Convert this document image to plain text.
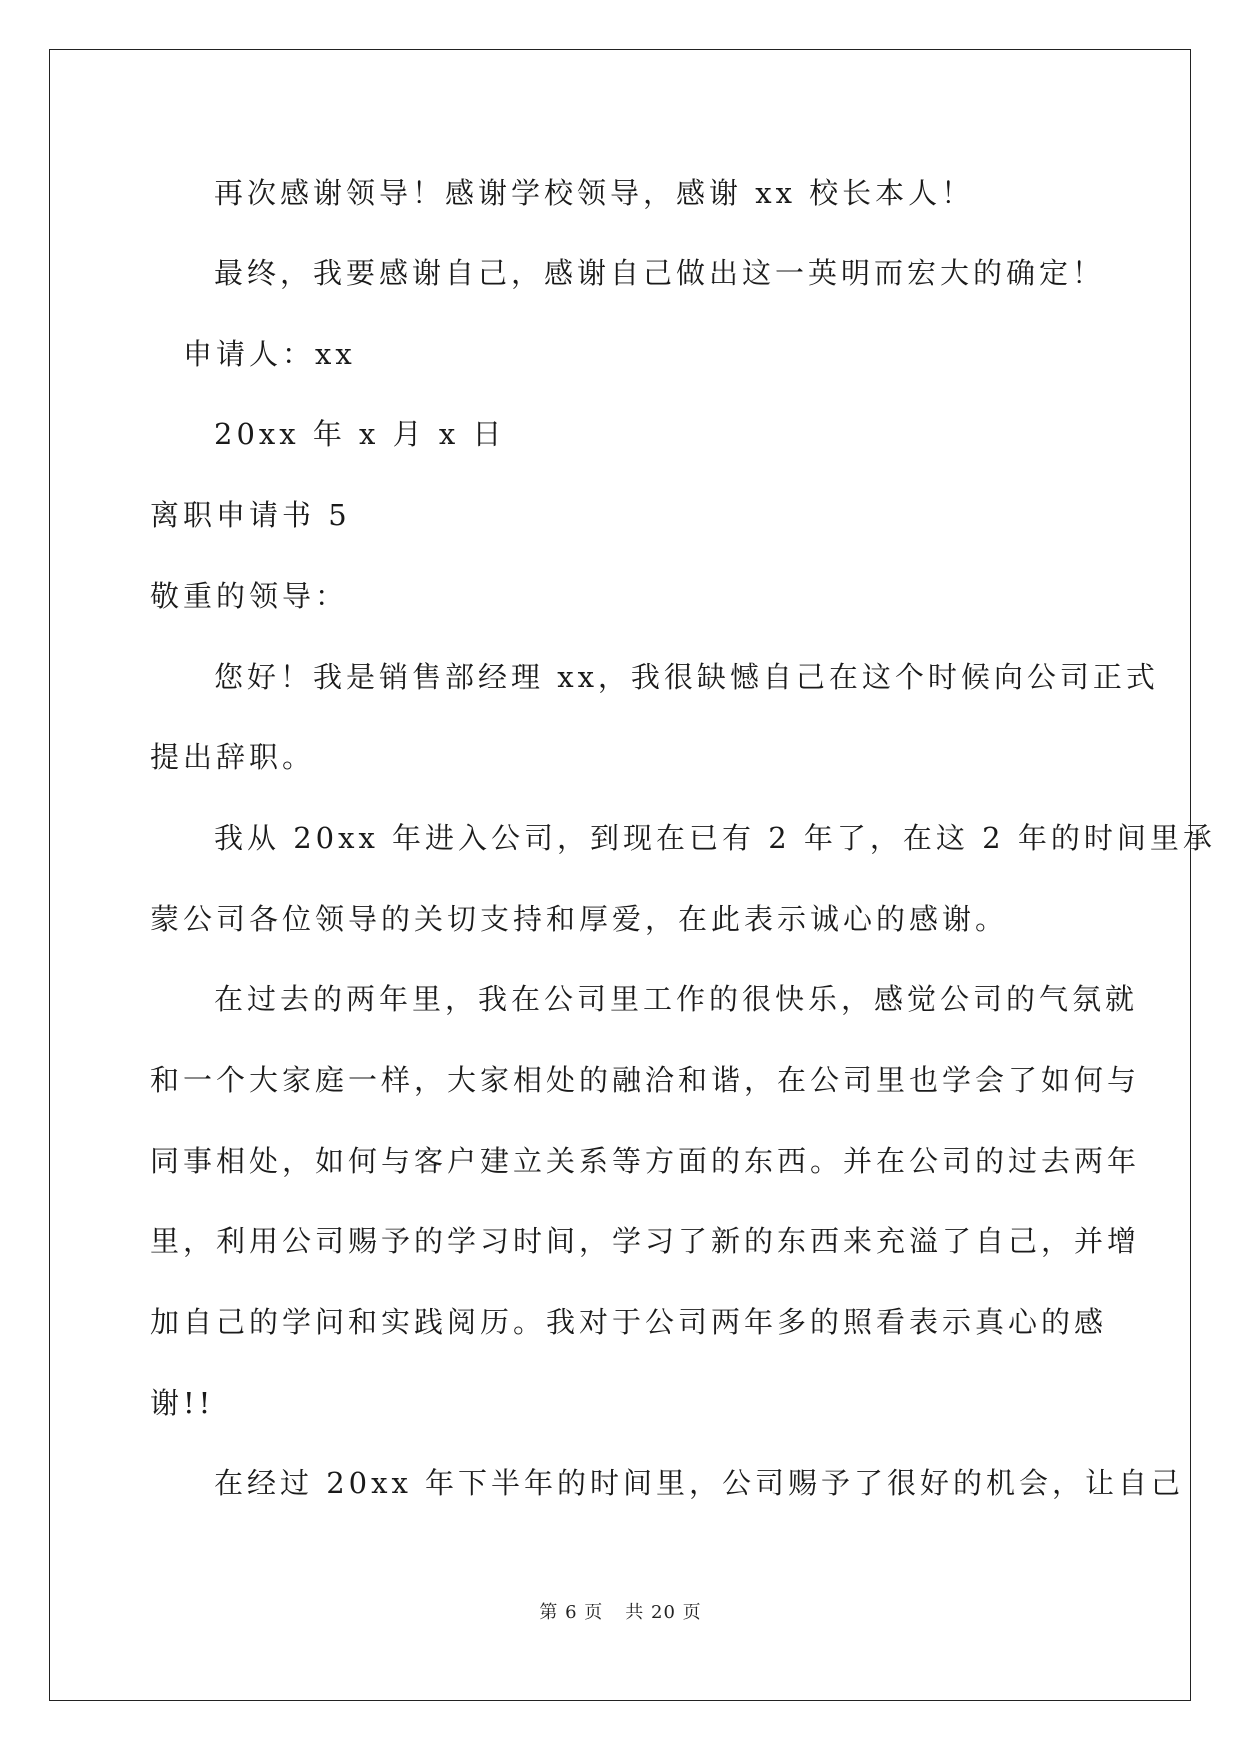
再次感谢领导！感谢学校领导，感谢 xx 校长本人！
最终，我要感谢自己，感谢自己做出这一英明而宏大的确定！
申请人：xx
20xx 年 x 月 x 日
离职申请书 5
敬重的领导：
您好！我是销售部经理 xx，我很缺憾自己在这个时候向公司正式
提出辞职。
我从 20xx 年进入公司，到现在已有 2 年了，在这 2 年的时间里承
蒙公司各位领导的关切支持和厚爱，在此表示诚心的感谢。
在过去的两年里，我在公司里工作的很快乐，感觉公司的气氛就
和一个大家庭一样，大家相处的融洽和谐，在公司里也学会了如何与
同事相处，如何与客户建立关系等方面的东西。并在公司的过去两年
里，利用公司赐予的学习时间，学习了新的东西来充溢了自己，并增
加自己的学问和实践阅历。我对于公司两年多的照看表示真心的感
谢!!
在经过 20xx 年下半年的时间里，公司赐予了很好的机会，让自己
第 6 页 共 20 页
